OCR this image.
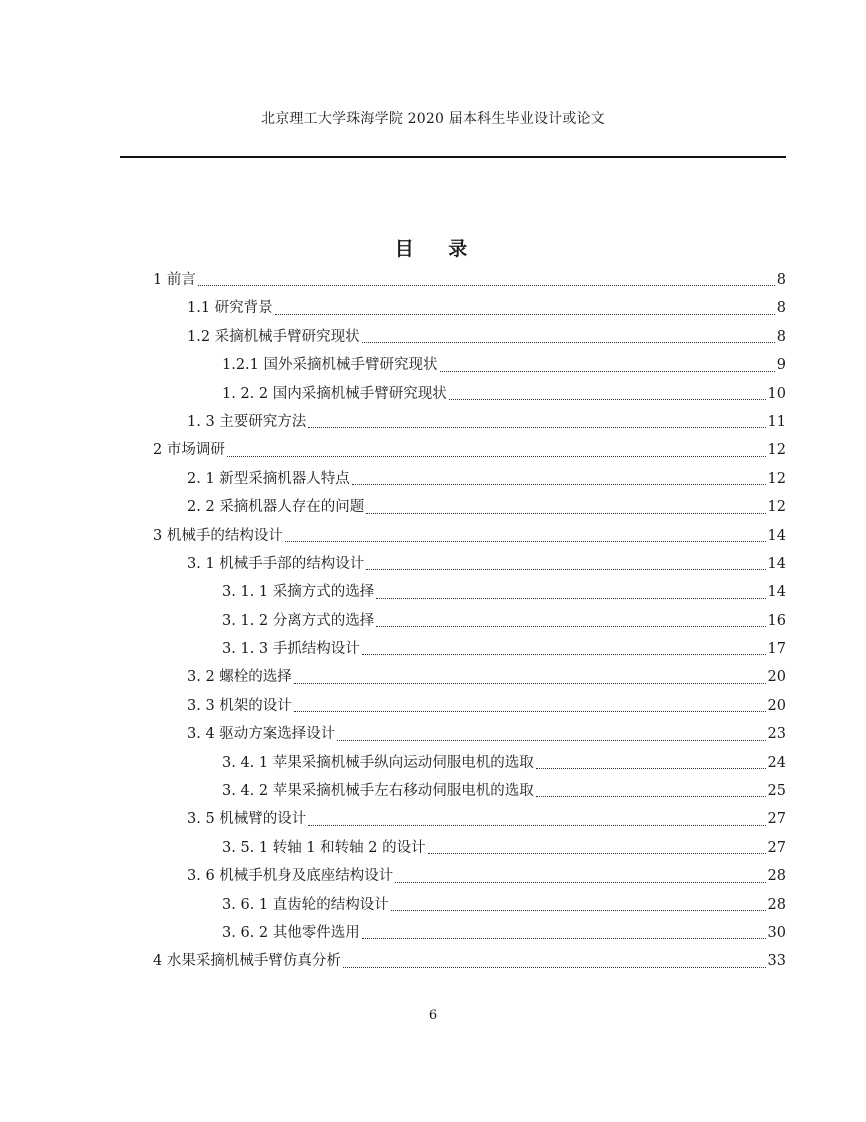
北京理工大学珠海学院 2020 届本科生毕业设计或论文
目 录
1 前言	8
1.1 研究背景	8
1.2 采摘机械手臂研究现状	8
1.2.1 国外采摘机械手臂研究现状	9
1. 2. 2 国内采摘机械手臂研究现状	10
1. 3 主要研究方法	11
2 市场调研	12
2. 1 新型采摘机器人特点	12
2. 2 采摘机器人存在的问题	12
3 机械手的结构设计	14
3. 1 机械手手部的结构设计	14
3. 1. 1 采摘方式的选择	14
3. 1. 2 分离方式的选择	16
3. 1. 3 手抓结构设计	17
3. 2 螺栓的选择	20
3. 3 机架的设计	20
3. 4 驱动方案选择设计	23
3. 4. 1 苹果采摘机械手纵向运动伺服电机的选取	24
3. 4. 2 苹果采摘机械手左右移动伺服电机的选取	25
3. 5 机械臂的设计	27
3. 5. 1 转轴 1 和转轴 2 的设计	27
3. 6 机械手机身及底座结构设计	28
3. 6. 1 直齿轮的结构设计	28
3. 6. 2 其他零件选用	30
4 水果采摘机械手臂仿真分析	33
6
